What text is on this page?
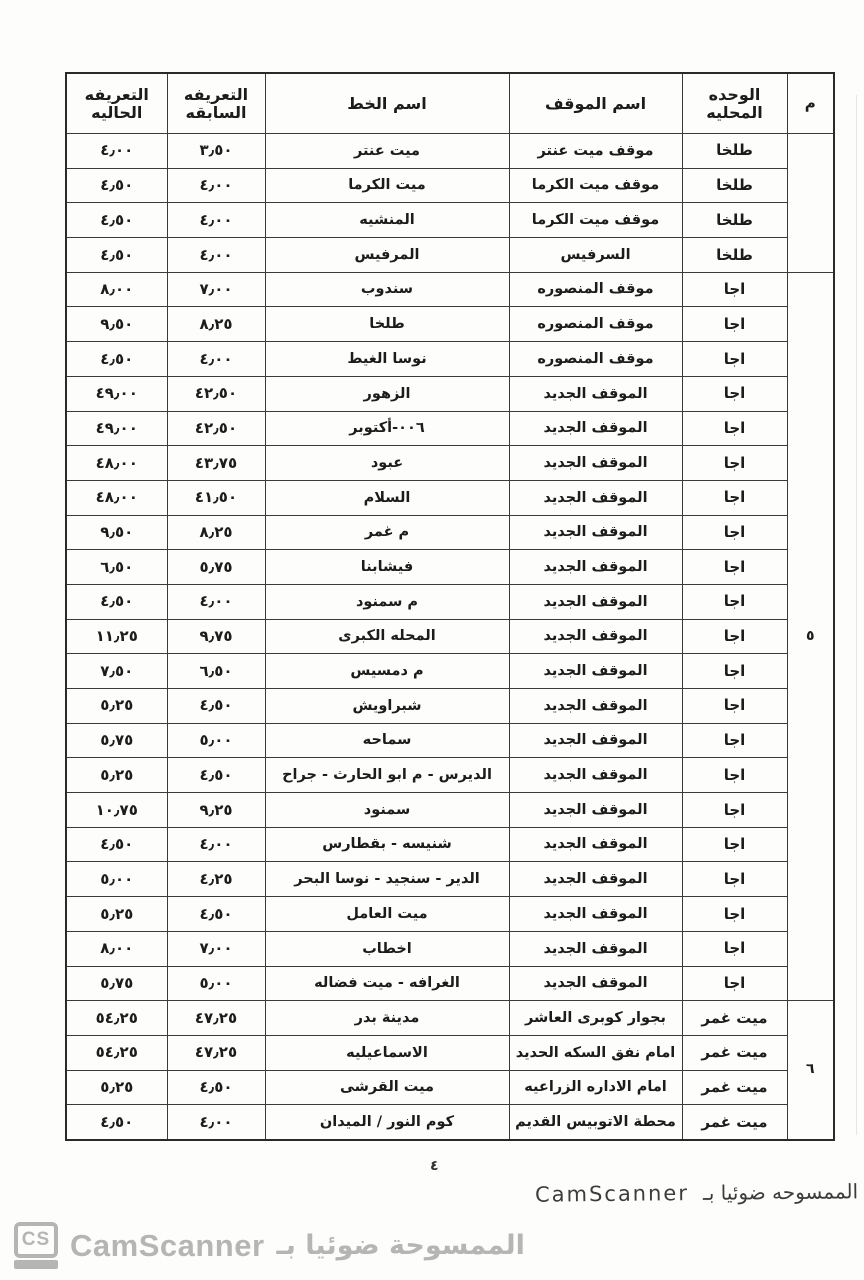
م	الوحده المحليه	اسم الموقف	اسم الخط	التعريفه السابقه	التعريفه الحاليه
	طلخا	موقف ميت عنتر	ميت عنتر	٣٫٥٠	٤٫٠٠
	طلخا	موقف ميت الكرما	ميت الكرما	٤٫٠٠	٤٫٥٠
	طلخا	موقف ميت الكرما	المنشيه	٤٫٠٠	٤٫٥٠
	طلخا	السرفيس	المرفيس	٤٫٠٠	٤٫٥٠
٥	اجا	موقف المنصوره	سندوب	٧٫٠٠	٨٫٠٠
	اجا	موقف المنصوره	طلخا	٨٫٢٥	٩٫٥٠
	اجا	موقف المنصوره	نوسا الغيط	٤٫٠٠	٤٫٥٠
	اجا	الموقف الجديد	الزهور	٤٢٫٥٠	٤٩٫٠٠
	اجا	الموقف الجديد	٠٠٦-أكتوبر	٤٢٫٥٠	٤٩٫٠٠
	اجا	الموقف الجديد	عبود	٤٣٫٧٥	٤٨٫٠٠
	اجا	الموقف الجديد	السلام	٤١٫٥٠	٤٨٫٠٠
	اجا	الموقف الجديد	م غمر	٨٫٢٥	٩٫٥٠
	اجا	الموقف الجديد	فيشابنا	٥٫٧٥	٦٫٥٠
	اجا	الموقف الجديد	م سمنود	٤٫٠٠	٤٫٥٠
	اجا	الموقف الجديد	المحله الكبرى	٩٫٧٥	١١٫٢٥
	اجا	الموقف الجديد	م دمسيس	٦٫٥٠	٧٫٥٠
	اجا	الموقف الجديد	شبراويش	٤٫٥٠	٥٫٢٥
	اجا	الموقف الجديد	سماحه	٥٫٠٠	٥٫٧٥
	اجا	الموقف الجديد	الديرس - م ابو الحارث - جراح	٤٫٥٠	٥٫٢٥
	اجا	الموقف الجديد	سمنود	٩٫٢٥	١٠٫٧٥
	اجا	الموقف الجديد	شنيسه - بقطارس	٤٫٠٠	٤٫٥٠
	اجا	الموقف الجديد	الدير - سنجيد - نوسا البحر	٤٫٢٥	٥٫٠٠
	اجا	الموقف الجديد	ميت العامل	٤٫٥٠	٥٫٢٥
	اجا	الموقف الجديد	اخطاب	٧٫٠٠	٨٫٠٠
	اجا	الموقف الجديد	الغرافه - ميت فضاله	٥٫٠٠	٥٫٧٥
٦	ميت غمر	بجوار كوبرى العاشر	مدينة بدر	٤٧٫٢٥	٥٤٫٢٥
	ميت غمر	امام نفق السكه الحديد	الاسماعيليه	٤٧٫٢٥	٥٤٫٢٥
	ميت غمر	امام الاداره الزراعيه	ميت القرشى	٤٫٥٠	٥٫٢٥
	ميت غمر	محطة الاتوبيس القديم	كوم النور / الميدان	٤٫٠٠	٤٫٥٠
٤
CamScanner الممسوحه ضوئيا بـ
CS CamScanner الممسوحة ضوئيا بـ
